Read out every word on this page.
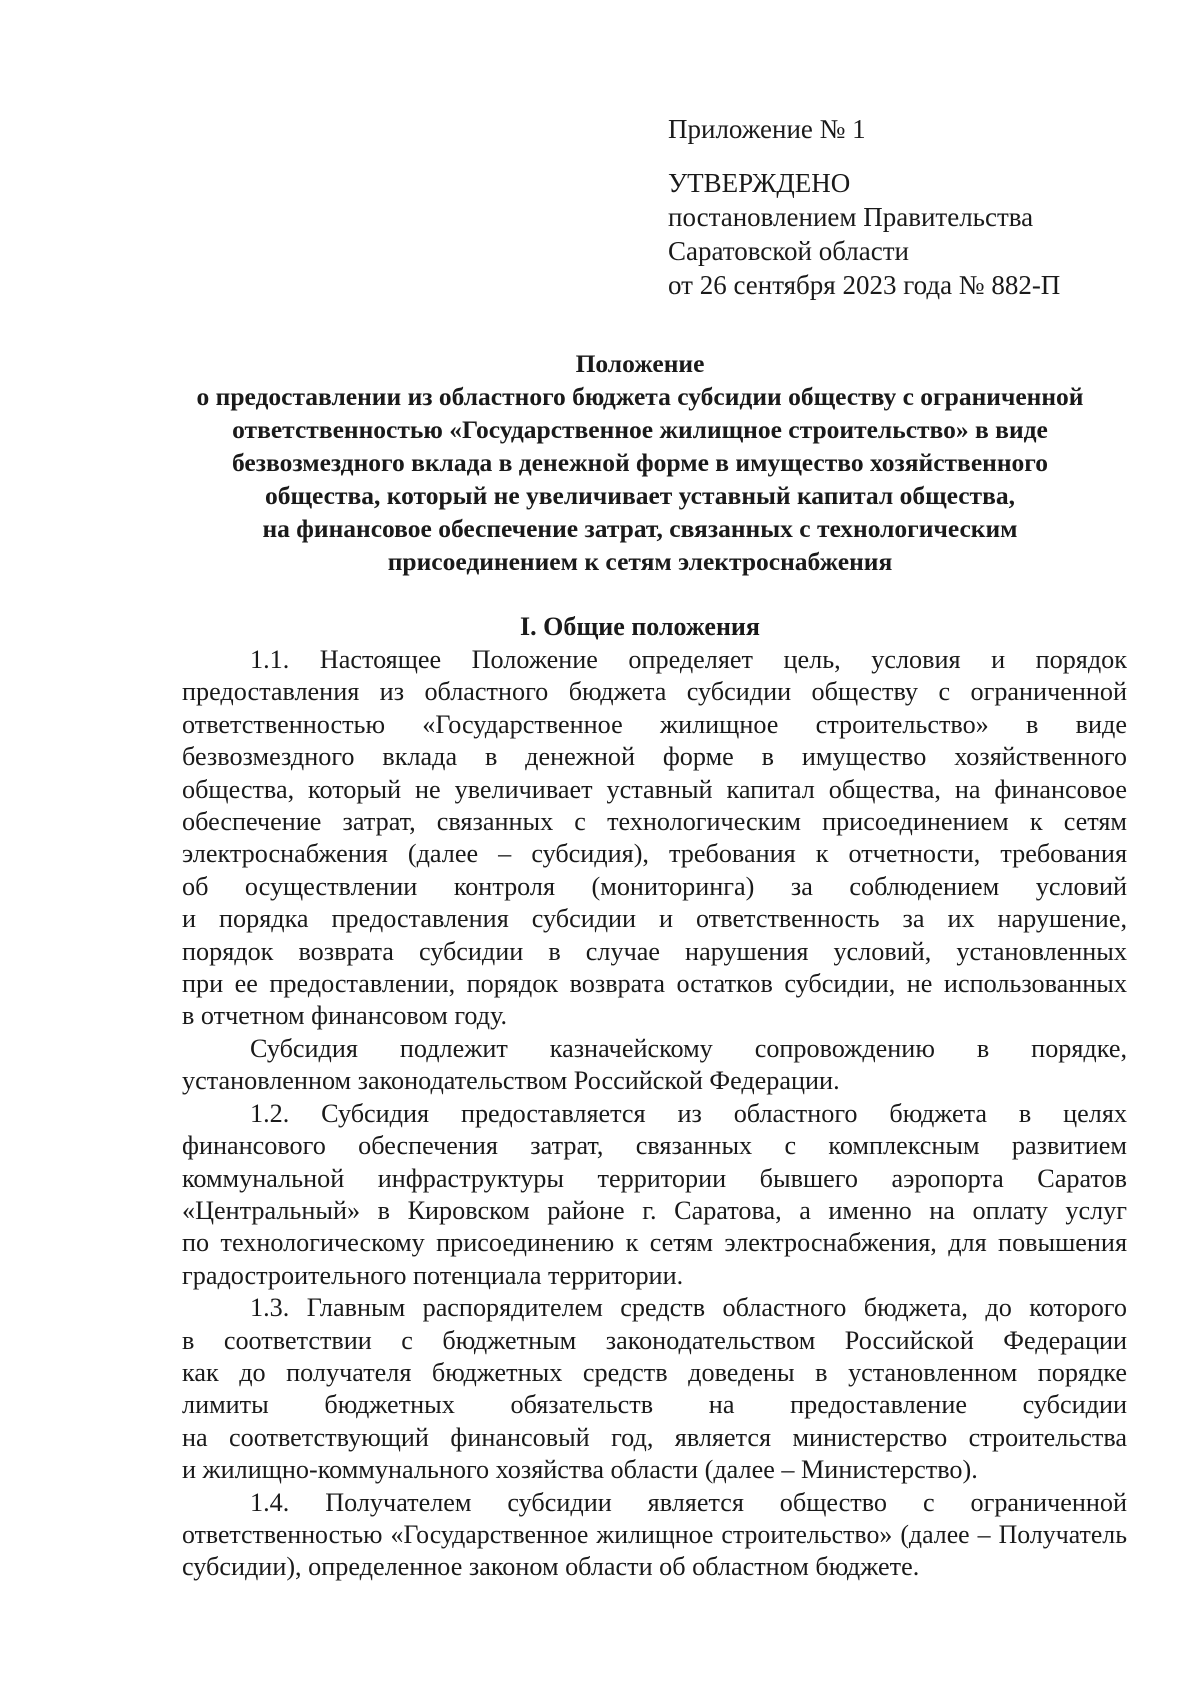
Приложение № 1
УТВЕРЖДЕНО
постановлением Правительства
Саратовской области
от 26 сентября 2023 года № 882-П
Положение
о предоставлении из областного бюджета субсидии обществу с ограниченной
ответственностью «Государственное жилищное строительство» в виде
безвозмездного вклада в денежной форме в имущество хозяйственного
общества, который не увеличивает уставный капитал общества,
на финансовое обеспечение затрат, связанных с технологическим
присоединением к сетям электроснабжения
I. Общие положения
1.1. Настоящее Положение определяет цель, условия и порядок
предоставления из областного бюджета субсидии обществу с ограниченной
ответственностью «Государственное жилищное строительство» в виде
безвозмездного вклада в денежной форме в имущество хозяйственного
общества, который не увеличивает уставный капитал общества, на финансовое
обеспечение затрат, связанных с технологическим присоединением к сетям
электроснабжения (далее – субсидия), требования к отчетности, требования
об осуществлении контроля (мониторинга) за соблюдением условий
и порядка предоставления субсидии и ответственность за их нарушение,
порядок возврата субсидии в случае нарушения условий, установленных
при ее предоставлении, порядок возврата остатков субсидии, не использованных
в отчетном финансовом году.
Субсидия подлежит казначейскому сопровождению в порядке,
установленном законодательством Российской Федерации.
1.2. Субсидия предоставляется из областного бюджета в целях
финансового обеспечения затрат, связанных с комплексным развитием
коммунальной инфраструктуры территории бывшего аэропорта Саратов
«Центральный» в Кировском районе г. Саратова, а именно на оплату услуг
по технологическому присоединению к сетям электроснабжения, для повышения
градостроительного потенциала территории.
1.3. Главным распорядителем средств областного бюджета, до которого
в соответствии с бюджетным законодательством Российской Федерации
как до получателя бюджетных средств доведены в установленном порядке
лимиты бюджетных обязательств на предоставление субсидии
на соответствующий финансовый год, является министерство строительства
и жилищно-коммунального хозяйства области (далее – Министерство).
1.4. Получателем субсидии является общество с ограниченной
ответственностью «Государственное жилищное строительство» (далее – Получатель
субсидии), определенное законом области об областном бюджете.
